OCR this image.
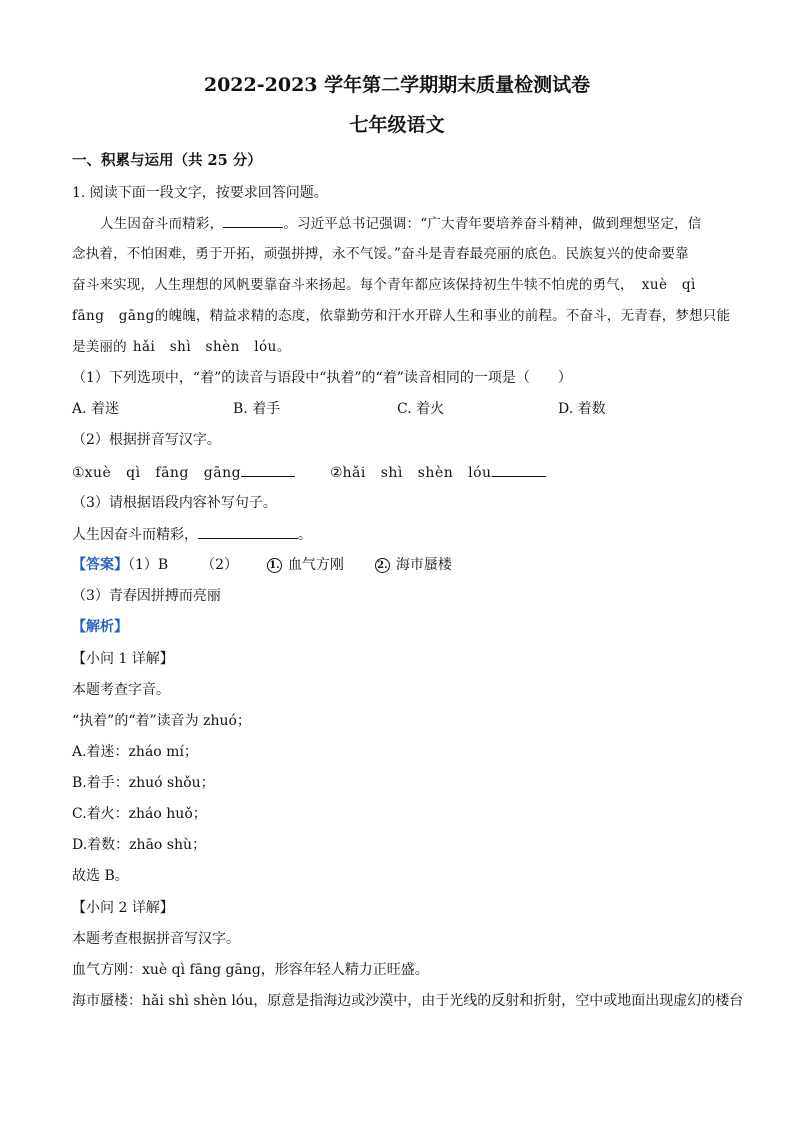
2022-2023 学年第二学期期末质量检测试卷
七年级语文
一、积累与运用（共 25 分）
1. 阅读下面一段文字，按要求回答问题。
人生因奋斗而精彩，	。习近平总书记强调：“广大青年要培养奋斗精神，做到理想坚定，信
念执着，不怕困难，勇于开拓，顽强拼搏，永不气馁。”奋斗是青春最亮丽的底色。民族复兴的使命要靠
奋斗来实现，人生理想的风帆要靠奋斗来扬起。每个青年都应该保持初生牛犊不怕虎的勇气， xuè   qì
fāng   gāng的魄魄，精益求精的态度，依靠勤劳和汗水开辟人生和事业的前程。不奋斗，无青春，梦想只能
是美丽的 hǎi   shì   shèn   lóu。
（1）下列选项中，“着”的读音与语段中“执着”的“着”读音相同的一项是（　　）
A. 着迷	B. 着手	C. 着火	D. 着数
（2）根据拼音写汉字。
①xuè   qì   fāng   gāng	②hǎi   shì   shèn   lóu
（3）请根据语段内容补写句子。
人生因奋斗而精彩，	。
【答案】（1）B （2）	1. 血气方刚	2. 海市蜃楼
（3）青春因拼搏而亮丽
【解析】
【小问 1 详解】
本题考查字音。
“执着”的“着”读音为 zhuó；
A.着迷：zháo mí；
B.着手：zhuó shǒu；
C.着火：zháo huǒ；
D.着数：zhāo shù；
故选 B。
【小问 2 详解】
本题考查根据拼音写汉字。
血气方刚：xuè qì fāng gāng，形容年轻人精力正旺盛。
海市蜃楼：hǎi shì shèn lóu，原意是指海边或沙漠中，由于光线的反射和折射，空中或地面出现虚幻的楼台
